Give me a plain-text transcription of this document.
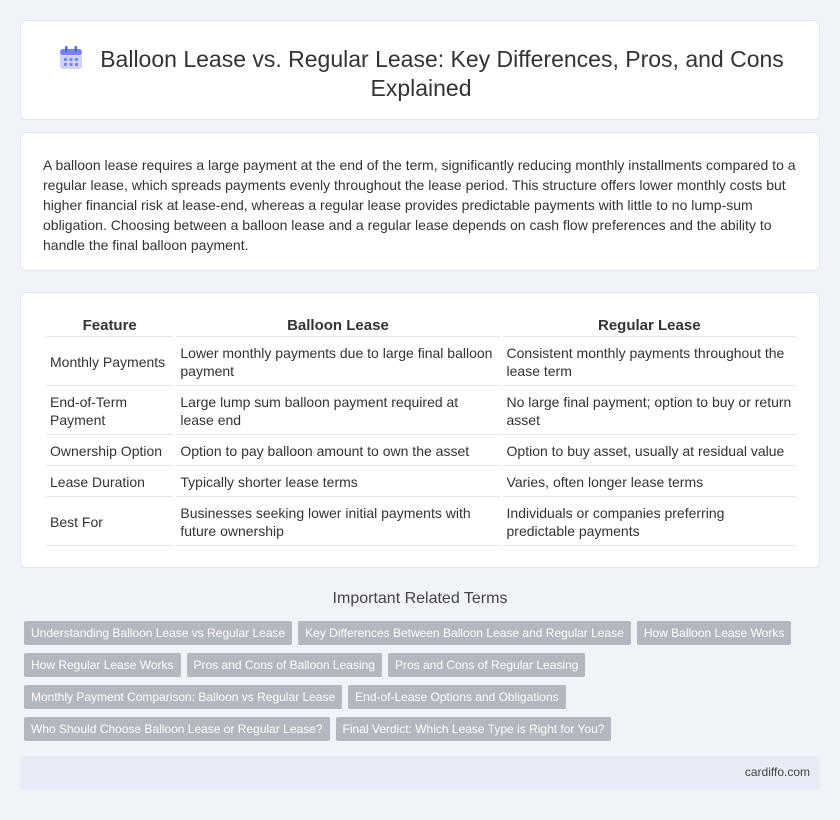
Balloon Lease vs. Regular Lease: Key Differences, Pros, and Cons Explained

A balloon lease requires a large payment at the end of the term, significantly reducing monthly installments compared to a regular lease, which spreads payments evenly throughout the lease period. This structure offers lower monthly costs but higher financial risk at lease-end, whereas a regular lease provides predictable payments with little to no lump-sum obligation. Choosing between a balloon lease and a regular lease depends on cash flow preferences and the ability to handle the final balloon payment.

Feature	Balloon Lease	Regular Lease
Monthly Payments	Lower monthly payments due to large final balloon payment	Consistent monthly payments throughout the lease term
End-of-Term Payment	Large lump sum balloon payment required at lease end	No large final payment; option to buy or return asset
Ownership Option	Option to pay balloon amount to own the asset	Option to buy asset, usually at residual value
Lease Duration	Typically shorter lease terms	Varies, often longer lease terms
Best For	Businesses seeking lower initial payments with future ownership	Individuals or companies preferring predictable payments
Important Related Terms
Understanding Balloon Lease vs Regular Lease	Key Differences Between Balloon Lease and Regular Lease	How Balloon Lease Works
How Regular Lease Works	Pros and Cons of Balloon Leasing	Pros and Cons of Regular Leasing
Monthly Payment Comparison: Balloon vs Regular Lease	End-of-Lease Options and Obligations
Who Should Choose Balloon Lease or Regular Lease?	Final Verdict: Which Lease Type is Right for You?
cardiffo.com
